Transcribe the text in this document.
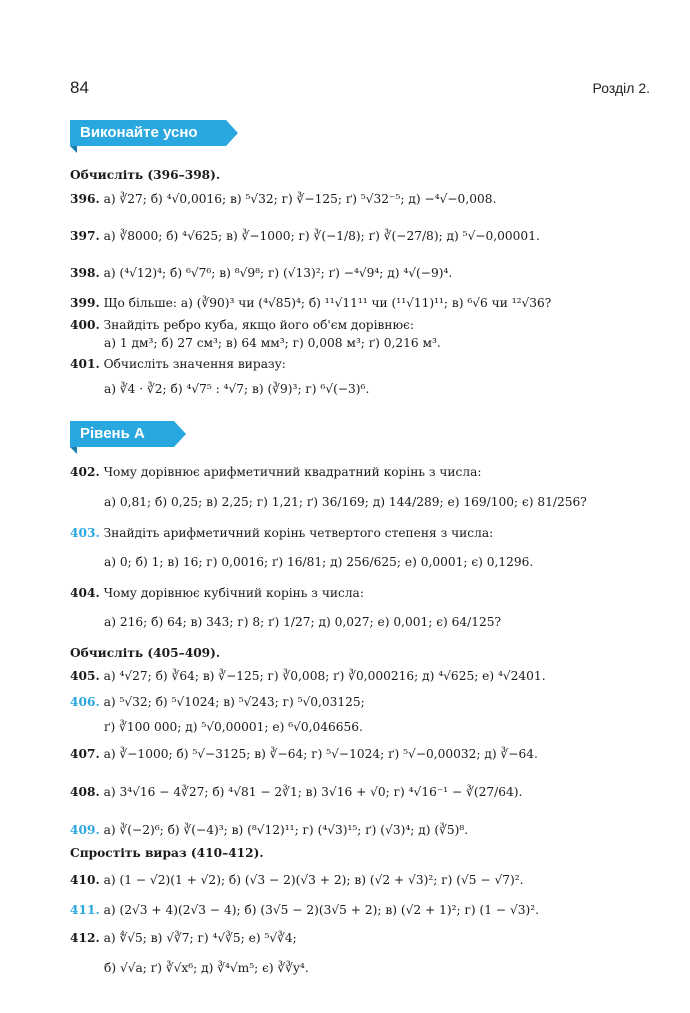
84	Розділ 2.
Виконайте усно
Обчисліть (396–398).
396. а) ∛27; б) ⁴√0,0016; в) ⁵√32; г) ∛−125; ґ) ⁵√32⁻⁵; д) −⁴√−0,008.
397. а) ∛8000; б) ⁴√625; в) ∛−1000; г) ∛(−1/8); ґ) ∛(−27/8); д) ⁵√−0,00001.
398. а) (⁴√12)⁴; б) ⁶√7⁶; в) ⁸√9⁸; г) (√13)²; ґ) −⁴√9⁴; д) ⁴√(−9)⁴.
399. Що більше: а) (∛90)³ чи (⁴√85)⁴; б) ¹¹√11¹¹ чи (¹¹√11)¹¹; в) ⁶√6 чи ¹²√36?
400. Знайдіть ребро куба, якщо його об'єм дорівнює:
а) 1 дм³; б) 27 см³; в) 64 мм³; г) 0,008 м³; ґ) 0,216 м³.
401. Обчисліть значення виразу:
а) ∛4 · ∛2; б) ⁴√7⁵ : ⁴√7; в) (∛9)³; г) ⁶√(−3)⁶.
Рівень А
402. Чому дорівнює арифметичний квадратний корінь з числа:
а) 0,81; б) 0,25; в) 2,25; г) 1,21; ґ) 36/169; д) 144/289; е) 169/100; є) 81/256?
403. Знайдіть арифметичний корінь четвертого степеня з числа:
а) 0; б) 1; в) 16; г) 0,0016; ґ) 16/81; д) 256/625; е) 0,0001; є) 0,1296.
404. Чому дорівнює кубічний корінь з числа:
а) 216; б) 64; в) 343; г) 8; ґ) 1/27; д) 0,027; е) 0,001; є) 64/125?
Обчисліть (405–409).
405. а) ⁴√27; б) ∛64; в) ∛−125; г) ∛0,008; ґ) ∛0,000216; д) ⁴√625; е) ⁴√2401.
406. а) ⁵√32; б) ⁵√1024; в) ⁵√243; г) ⁵√0,03125;
ґ) ∛100 000; д) ⁵√0,00001; е) ⁶√0,046656.
407. а) ∛−1000; б) ⁵√−3125; в) ∛−64; г) ⁵√−1024; ґ) ⁵√−0,00032; д) ∛−64.
408. а) 3⁴√16 − 4∛27; б) ⁴√81 − 2∛1; в) 3√16 + √0; г) ⁴√16⁻¹ − ∛(27/64).
409. а) ∛(−2)⁶; б) ∛(−4)³; в) (⁸√12)¹¹; г) (⁴√3)¹⁵; ґ) (√3)⁴; д) (∛5)⁸.
Спростіть вираз (410–412).
410. а) (1 − √2)(1 + √2); б) (√3 − 2)(√3 + 2); в) (√2 + √3)²; г) (√5 − √7)².
411. а) (2√3 + 4)(2√3 − 4); б) (3√5 − 2)(3√5 + 2); в) (√2 + 1)²; г) (1 − √3)².
412. а) ∜√5; в) √∛7; г) ⁴√∛5; е) ⁵√∛4;
б) √√a; ґ) ∛√x⁶; д) ∛⁴√m⁵; є) ∛∛y⁴.
